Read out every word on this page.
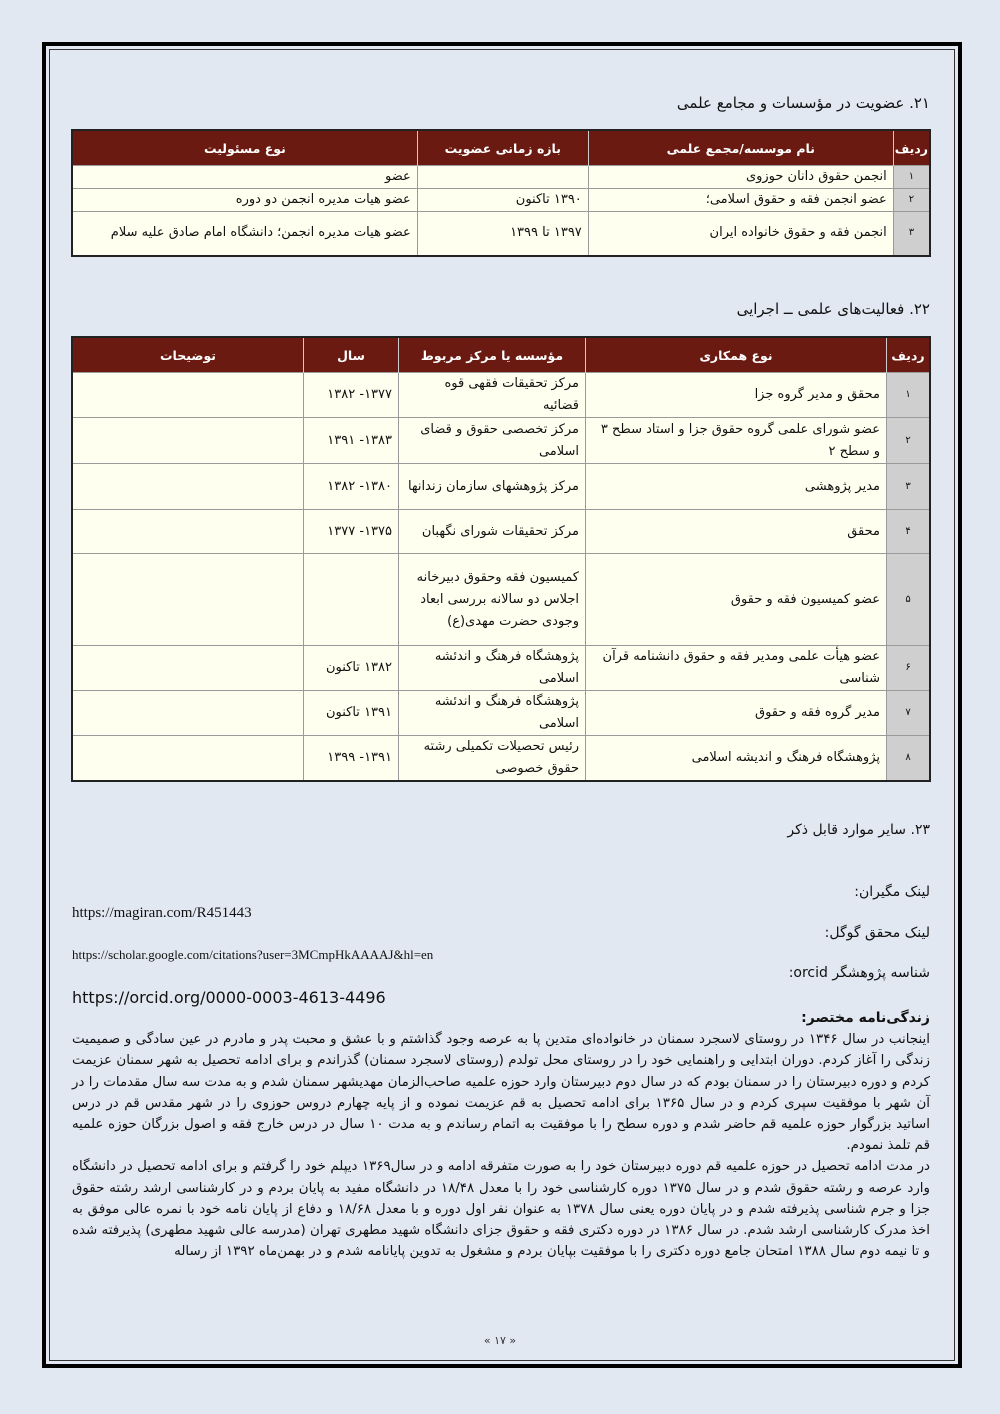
۲۱. عضویت در مؤسسات و مجامع علمی
ردیف	نام موسسه/مجمع علمی	بازه زمانی عضویت	نوع مسئولیت
۱	انجمن حقوق دانان حوزوی		عضو
۲	عضو انجمن فقه و حقوق اسلامی؛	۱۳۹۰ تاکنون	عضو هیات مدیره انجمن دو دوره
۳	انجمن فقه و حقوق خانواده ایران	۱۳۹۷ تا ۱۳۹۹	عضو هیات مدیره انجمن؛ دانشگاه امام صادق علیه سلام
۲۲. فعالیت‌های علمی ــ اجرایی
ردیف	نوع همکاری	مؤسسه یا مرکز مربوط	سال	توضیحات
۱	محقق و مدیر گروه جزا	مرکز تحقیقات فقهی قوه قضائیه	۱۳۷۷- ۱۳۸۲	
۲	عضو شورای علمی گروه حقوق جزا و استاد سطح ۳ و سطح ۲	مرکز تخصصی حقوق و قضای اسلامی	۱۳۸۳- ۱۳۹۱	
۳	مدیر پژوهشی	مرکز پژوهشهای سازمان زندانها	۱۳۸۰- ۱۳۸۲	
۴	محقق	مرکز تحقیقات شورای نگهبان	۱۳۷۵- ۱۳۷۷	
۵	عضو کمیسیون فقه و حقوق	کمیسیون فقه وحقوق دبیرخانه اجلاس دو سالانه بررسی ابعاد وجودی حضرت مهدی(ع)		
۶	عضو هیأت علمی ومدیر فقه و حقوق دانشنامه قرآن شناسی	پژوهشگاه فرهنگ و اندئشه اسلامی	۱۳۸۲ تاکنون	
۷	مدیر گروه فقه و حقوق	پژوهشگاه فرهنگ و اندئشه اسلامی	۱۳۹۱ تاکنون	
۸	پژوهشگاه فرهنگ و اندیشه اسلامی	رئیس تحصیلات تکمیلی رشته حقوق خصوصی	۱۳۹۱- ۱۳۹۹	
۲۳. سایر موارد قابل ذکر
لینک مگیران:
https://magiran.com/R451443
لینک محقق گوگل:
https://scholar.google.com/citations?user=3MCmpHkAAAAJ&hl=en
شناسه پژوهشگر orcid:
https://orcid.org/0000-0003-4613-4496

زندگی‌نامه مختصر:

اینجانب در سال ۱۳۴۶ در روستای لاسجرد سمنان در خانواده‌ای متدین پا به عرصه وجود گذاشتم و با عشق و محبت پدر و مادرم در عین سادگی و صمیمیت زندگی را آغاز کردم. دوران ابتدایی و راهنمایی خود را در روستای محل تولدم (روستای لاسجرد سمنان) گذراندم و برای ادامه تحصیل به شهر سمنان عزیمت کردم و دوره دبیرستان را در سمنان بودم که در سال دوم دبیرستان وارد حوزه علمیه صاحب‌الزمان مهدیشهر سمنان شدم و به مدت سه سال مقدمات را در آن شهر با موفقیت سپری کردم و در سال ۱۳۶۵ برای ادامه تحصیل به قم عزیمت نموده و از پایه چهارم دروس حوزوی را در شهر مقدس قم در درس اساتید بزرگوار حوزه علمیه قم حاضر شدم و دوره سطح را با موفقیت به اتمام رساندم و به مدت ۱۰ سال در درس خارج فقه و اصول بزرگان حوزه علمیه قم تلمذ نمودم.

در مدت ادامه تحصیل در حوزه علمیه قم دوره دبیرستان خود را به صورت متفرقه ادامه و در سال۱۳۶۹ دیپلم خود را گرفتم و برای ادامه تحصیل در دانشگاه وارد عرصه و رشته حقوق شدم و در سال ۱۳۷۵ دوره کارشناسی خود را با معدل ۱۸/۴۸ در دانشگاه مفید به پایان بردم و در کارشناسی ارشد رشته حقوق جزا و جرم شناسی پذیرفته شدم و در پایان دوره یعنی سال ۱۳۷۸ به عنوان نفر اول دوره و با معدل ۱۸/۶۸ و دفاع از پایان نامه خود با نمره عالی موفق به اخذ مدرک کارشناسی ارشد شدم. در سال ۱۳۸۶ در دوره دکتری فقه و حقوق جزای دانشگاه شهید مطهری تهران (مدرسه عالی شهید مطهری) پذیرفته شده و تا نیمه دوم سال ۱۳۸۸ امتحان جامع دوره دکتری را با موفقیت بپایان بردم و مشغول به تدوین پایانامه شدم و در بهمن‌ماه ۱۳۹۲ از رساله

« ۱۷ »
